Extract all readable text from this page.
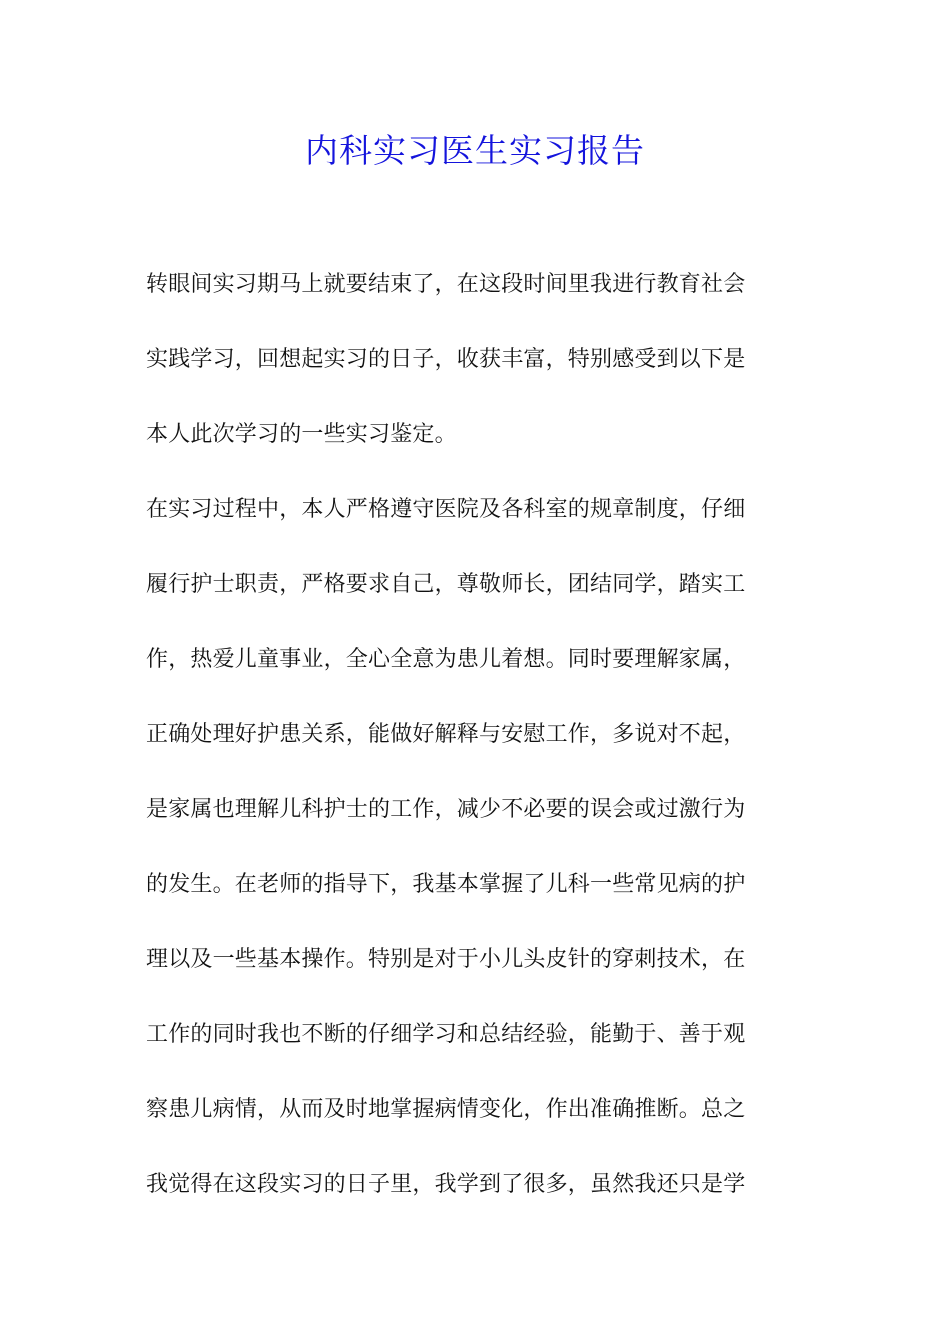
内科实习医生实习报告
转眼间实习期马上就要结束了，在这段时间里我进行教育社会
实践学习，回想起实习的日子，收获丰富，特别感受到以下是
本人此次学习的一些实习鉴定。
在实习过程中，本人严格遵守医院及各科室的规章制度，仔细
履行护士职责，严格要求自己，尊敬师长，团结同学，踏实工
作，热爱儿童事业，全心全意为患儿着想。同时要理解家属，
正确处理好护患关系，能做好解释与安慰工作，多说对不起，
是家属也理解儿科护士的工作，减少不必要的误会或过激行为
的发生。在老师的指导下，我基本掌握了儿科一些常见病的护
理以及一些基本操作。特别是对于小儿头皮针的穿刺技术，在
工作的同时我也不断的仔细学习和总结经验，能勤于、善于观
察患儿病情，从而及时地掌握病情变化，作出准确推断。总之
我觉得在这段实习的日子里，我学到了很多，虽然我还只是学
